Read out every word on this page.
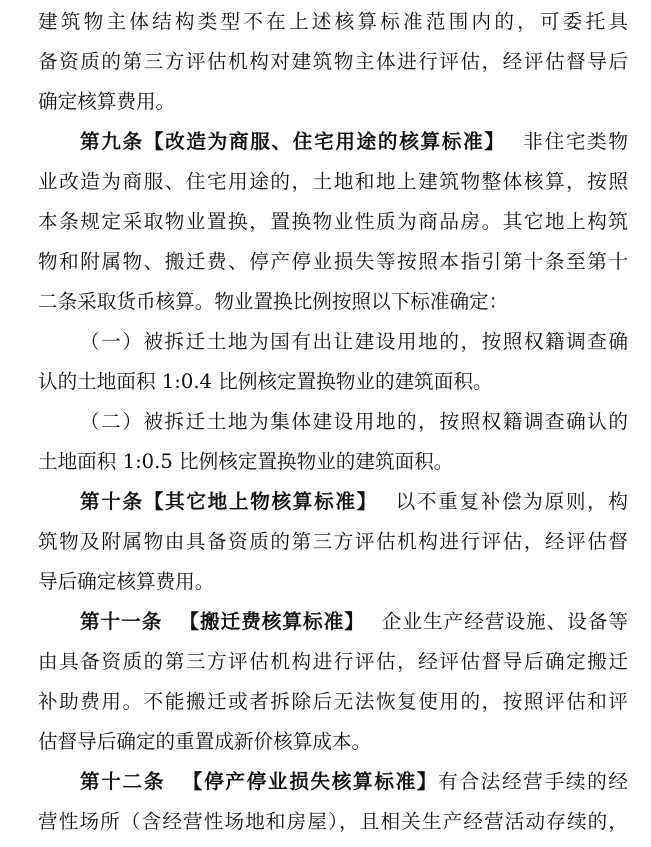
建筑物主体结构类型不在上述核算标准范围内的，可委托具
备资质的第三方评估机构对建筑物主体进行评估，经评估督导后
确定核算费用。
第九条【改造为商服、住宅用途的核算标准】 非住宅类物
业改造为商服、住宅用途的，土地和地上建筑物整体核算，按照
本条规定采取物业置换，置换物业性质为商品房。其它地上构筑
物和附属物、搬迁费、停产停业损失等按照本指引第十条至第十
二条采取货币核算。物业置换比例按照以下标准确定：
（一）被拆迁土地为国有出让建设用地的，按照权籍调查确
认的土地面积 1:0.4 比例核定置换物业的建筑面积。
（二）被拆迁土地为集体建设用地的，按照权籍调查确认的
土地面积 1:0.5 比例核定置换物业的建筑面积。
第十条【其它地上物核算标准】 以不重复补偿为原则，构
筑物及附属物由具备资质的第三方评估机构进行评估，经评估督
导后确定核算费用。
第十一条 【搬迁费核算标准】 企业生产经营设施、设备等
由具备资质的第三方评估机构进行评估，经评估督导后确定搬迁
补助费用。不能搬迁或者拆除后无法恢复使用的，按照评估和评
估督导后确定的重置成新价核算成本。
第十二条 【停产停业损失核算标准】有合法经营手续的经
营性场所（含经营性场地和房屋），且相关生产经营活动存续的，
